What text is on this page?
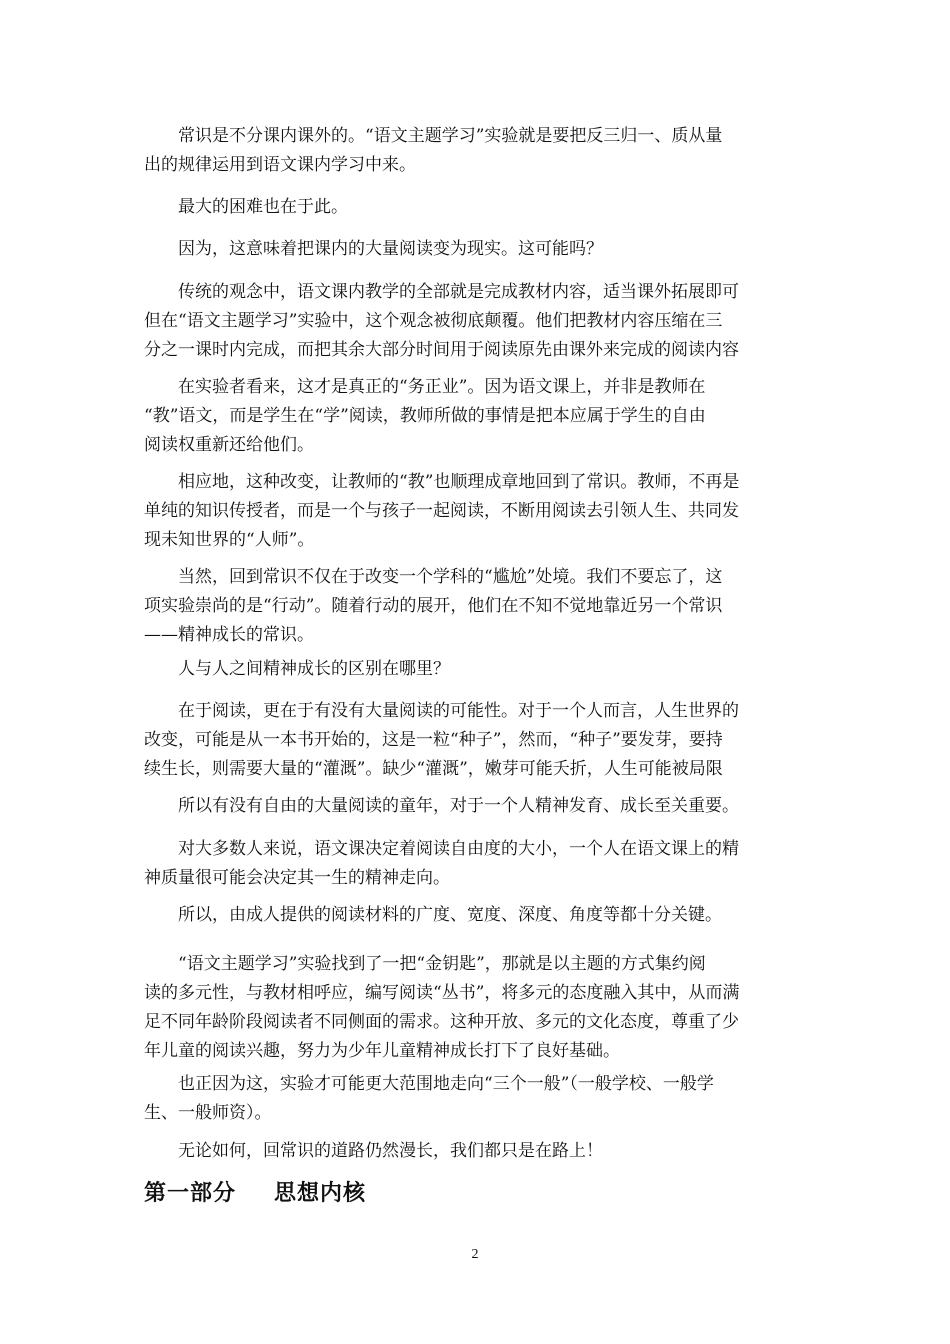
常识是不分课内课外的。“语文主题学习”实验就是要把反三归一、质从量
出的规律运用到语文课内学习中来。

最大的困难也在于此。

因为，这意味着把课内的大量阅读变为现实。这可能吗？

传统的观念中，语文课内教学的全部就是完成教材内容，适当课外拓展即可
但在“语文主题学习”实验中，这个观念被彻底颠覆。他们把教材内容压缩在三
分之一课时内完成，而把其余大部分时间用于阅读原先由课外来完成的阅读内容

在实验者看来，这才是真正的“务正业”。因为语文课上，并非是教师在
“教”语文，而是学生在“学”阅读，教师所做的事情是把本应属于学生的自由
阅读权重新还给他们。

相应地，这种改变，让教师的“教”也顺理成章地回到了常识。教师，不再是
单纯的知识传授者，而是一个与孩子一起阅读，不断用阅读去引领人生、共同发
现未知世界的“人师”。

当然，回到常识不仅在于改变一个学科的“尴尬”处境。我们不要忘了，这
项实验崇尚的是“行动”。随着行动的展开，他们在不知不觉地靠近另一个常识
——精神成长的常识。

人与人之间精神成长的区别在哪里？

在于阅读，更在于有没有大量阅读的可能性。对于一个人而言，人生世界的
改变，可能是从一本书开始的，这是一粒“种子”，然而，“种子”要发芽，要持
续生长，则需要大量的“灌溉”。缺少“灌溉”，嫩芽可能夭折，人生可能被局限

所以有没有自由的大量阅读的童年，对于一个人精神发育、成长至关重要。

对大多数人来说，语文课决定着阅读自由度的大小，一个人在语文课上的精
神质量很可能会决定其一生的精神走向。

所以，由成人提供的阅读材料的广度、宽度、深度、角度等都十分关键。

“语文主题学习”实验找到了一把“金钥匙”，那就是以主题的方式集约阅
读的多元性，与教材相呼应，编写阅读“丛书”，将多元的态度融入其中，从而满
足不同年龄阶段阅读者不同侧面的需求。这种开放、多元的文化态度，尊重了少
年儿童的阅读兴趣，努力为少年儿童精神成长打下了良好基础。

也正因为这，实验才可能更大范围地走向“三个一般”（一般学校、一般学
生、一般师资）。

无论如何，回常识的道路仍然漫长，我们都只是在路上！

第一部分 思想内核
2
